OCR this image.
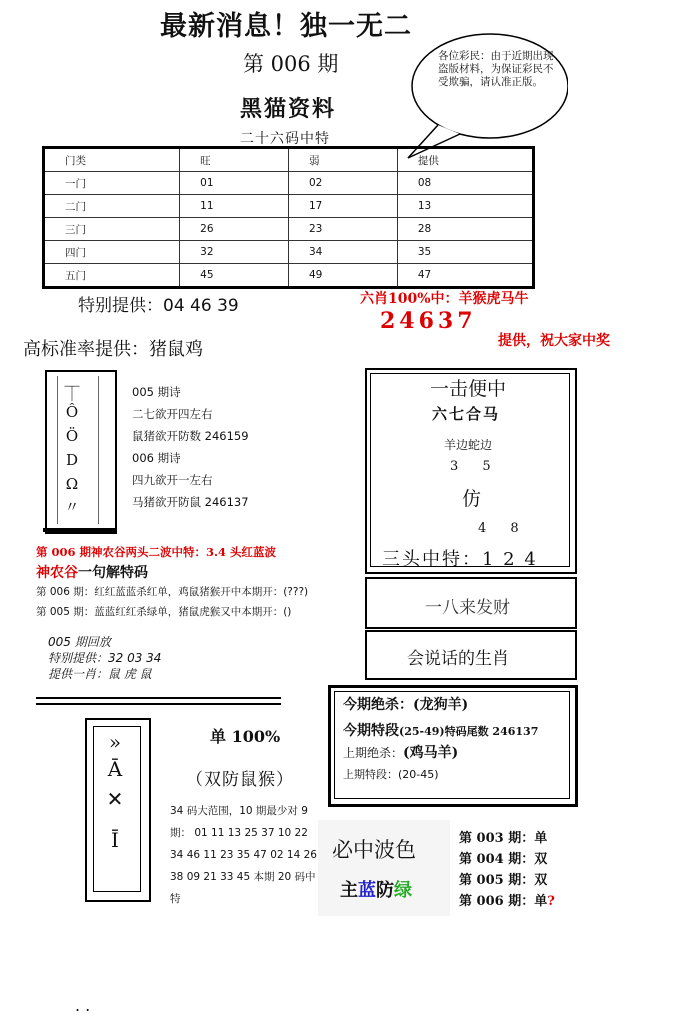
最新消息！独一无二
第 006 期
黑猫资料
二十六码中特
各位彩民：由于近期出现盗版材料，为保证彩民不受欺骗，请认准正版。
门类	旺	弱	提供
一门	01	02	08
二门	11	17	13
三门	26	23	28
四门	32	34	35
五门	45	49	47
特别提供：04 46 39	六肖100%中：羊猴虎马牛
24637
提供，祝大家中奖
高标准率提供：猪鼠鸡
⏉
Ô
Ö
D
Ω
〃
005 期诗
二七欲开四左右
鼠猪欲开防数 246159
006 期诗
四九欲开一左右
马猪欲开防鼠 246137
一击便中
六七合马
羊边蛇边
3 5
仿
4 8
三头中特：1 2 4
一八来发财
会说话的生肖
第 006 期神农谷两头二波中特：3.4 头红蓝波
神农谷一句解特码
第 006 期：红红蓝蓝杀红单，鸡鼠猪猴开中本期开：(???)
第 005 期：蓝蓝红红杀绿单，猪鼠虎猴又中本期开：()
005 期回放
特别提供：32 03 34
提供一肖：鼠 虎 鼠
»
Ā
✕
Ī
单 100%
（双防鼠猴）
34 码大范围，10 期最少对 9 期： 01 11 13 25 37 10 22 34 46 11 23 35 47 02 14 26 38 09 21 33 45 本期 20 码中特
今期绝杀：(龙狗羊)
今期特段(25-49)特码尾数 246137
上期绝杀：(鸡马羊)
上期特段：(20-45)
必中波色
主蓝防绿
第 003 期：单
第 004 期：双
第 005 期：双
第 006 期：单?
. .
